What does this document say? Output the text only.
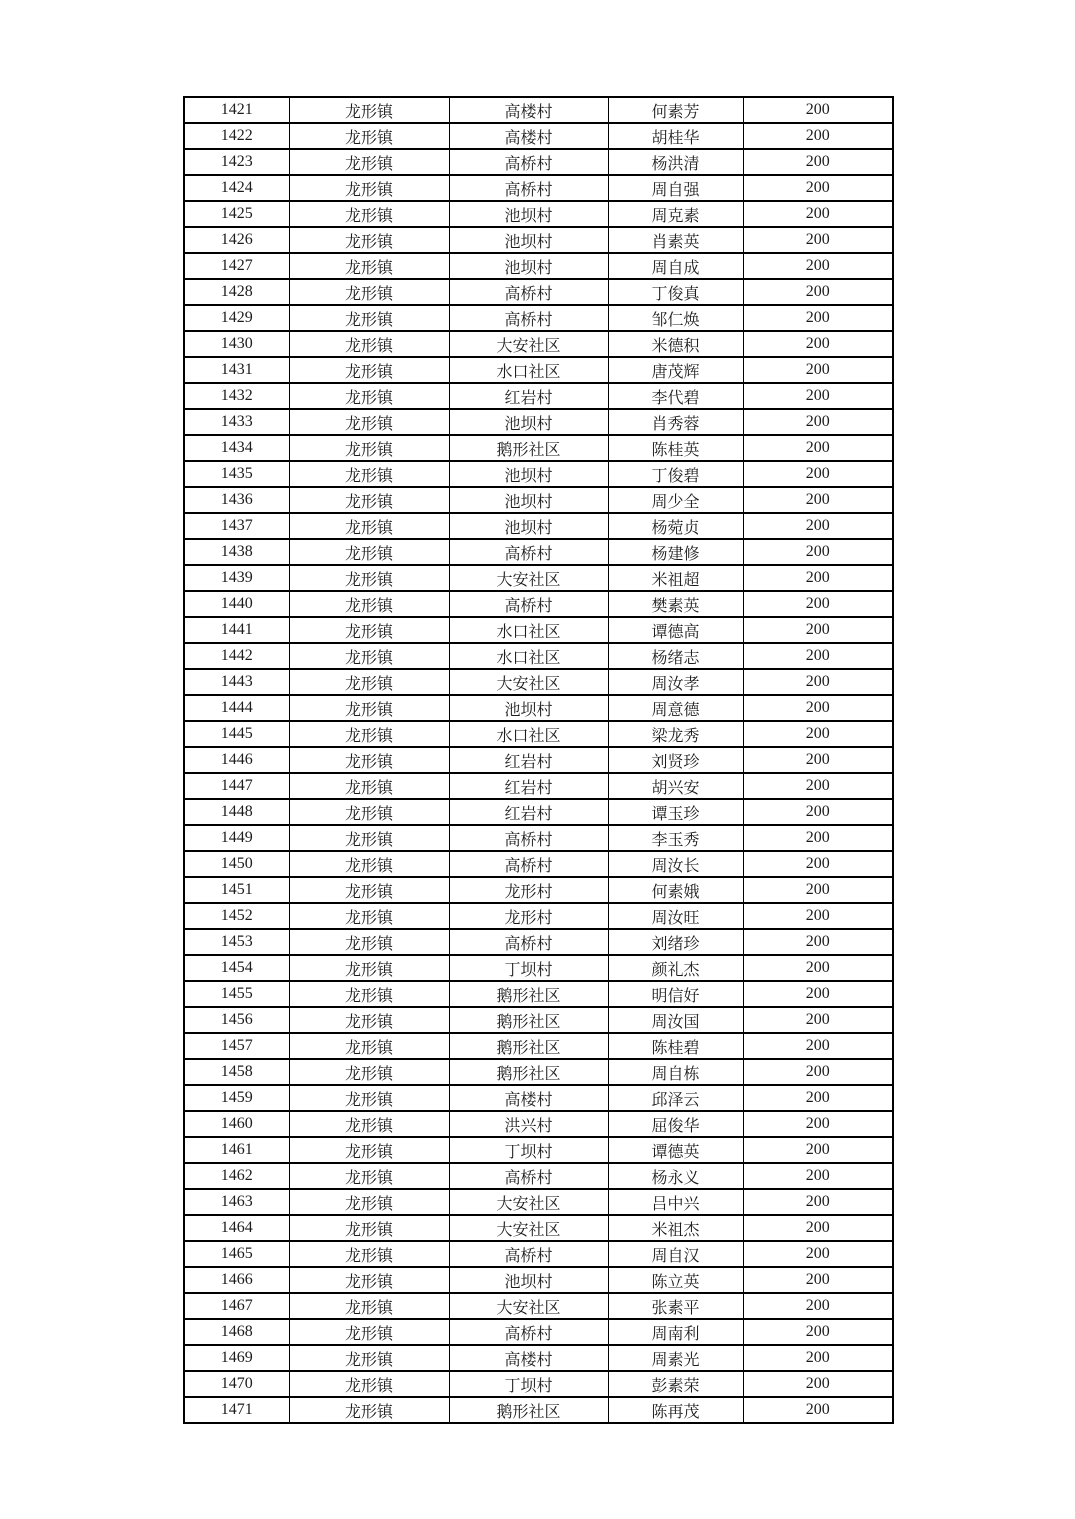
1421	龙形镇	高楼村	何素芳	200
1422	龙形镇	高楼村	胡桂华	200
1423	龙形镇	高桥村	杨洪清	200
1424	龙形镇	高桥村	周自强	200
1425	龙形镇	池坝村	周克素	200
1426	龙形镇	池坝村	肖素英	200
1427	龙形镇	池坝村	周自成	200
1428	龙形镇	高桥村	丁俊真	200
1429	龙形镇	高桥村	邹仁焕	200
1430	龙形镇	大安社区	米德积	200
1431	龙形镇	水口社区	唐茂辉	200
1432	龙形镇	红岩村	李代碧	200
1433	龙形镇	池坝村	肖秀蓉	200
1434	龙形镇	鹅形社区	陈桂英	200
1435	龙形镇	池坝村	丁俊碧	200
1436	龙形镇	池坝村	周少全	200
1437	龙形镇	池坝村	杨菀贞	200
1438	龙形镇	高桥村	杨建修	200
1439	龙形镇	大安社区	米祖超	200
1440	龙形镇	高桥村	樊素英	200
1441	龙形镇	水口社区	谭德高	200
1442	龙形镇	水口社区	杨绪志	200
1443	龙形镇	大安社区	周汝孝	200
1444	龙形镇	池坝村	周意德	200
1445	龙形镇	水口社区	梁龙秀	200
1446	龙形镇	红岩村	刘贤珍	200
1447	龙形镇	红岩村	胡兴安	200
1448	龙形镇	红岩村	谭玉珍	200
1449	龙形镇	高桥村	李玉秀	200
1450	龙形镇	高桥村	周汝长	200
1451	龙形镇	龙形村	何素娥	200
1452	龙形镇	龙形村	周汝旺	200
1453	龙形镇	高桥村	刘绪珍	200
1454	龙形镇	丁坝村	颜礼杰	200
1455	龙形镇	鹅形社区	明信好	200
1456	龙形镇	鹅形社区	周汝国	200
1457	龙形镇	鹅形社区	陈桂碧	200
1458	龙形镇	鹅形社区	周自栋	200
1459	龙形镇	高楼村	邱泽云	200
1460	龙形镇	洪兴村	屈俊华	200
1461	龙形镇	丁坝村	谭德英	200
1462	龙形镇	高桥村	杨永义	200
1463	龙形镇	大安社区	吕中兴	200
1464	龙形镇	大安社区	米祖杰	200
1465	龙形镇	高桥村	周自汉	200
1466	龙形镇	池坝村	陈立英	200
1467	龙形镇	大安社区	张素平	200
1468	龙形镇	高桥村	周南利	200
1469	龙形镇	高楼村	周素光	200
1470	龙形镇	丁坝村	彭素荣	200
1471	龙形镇	鹅形社区	陈再茂	200
